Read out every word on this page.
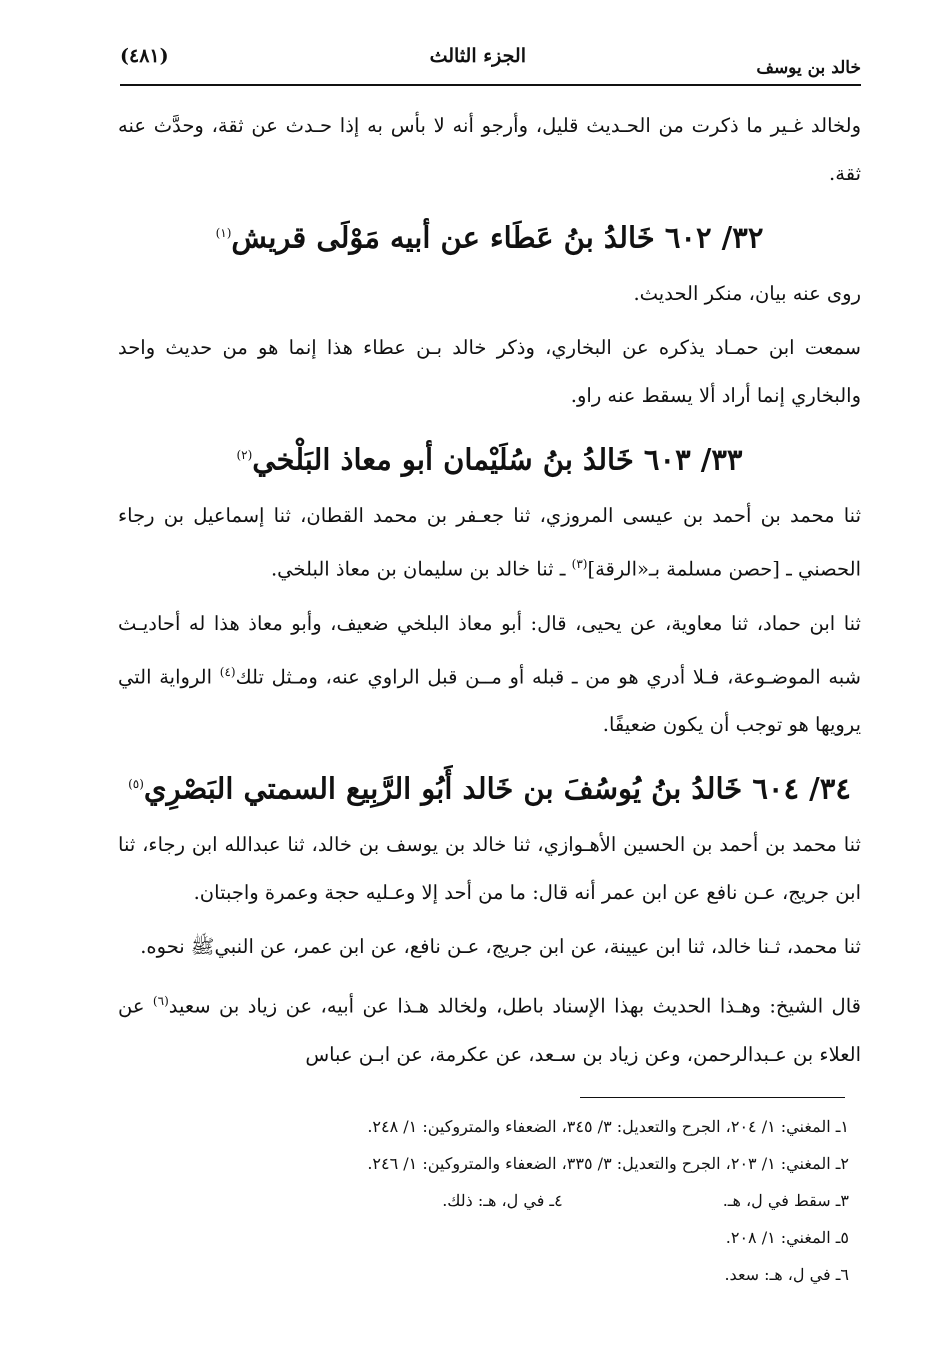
خالد بن يوسف
الجزء الثالث
(٤٨١)

ولخالد غـير ما ذكرت من الحـديث قليل، وأرجو أنه لا بأس به إذا حـدث عن ثقة، وحدَّث عنه ثقة.

٣٢/ ٦٠٢ خَالدُ بنُ عَطَاء عن أبيه مَوْلَى قريش$^{(١)}$

روى عنه بيان، منكر الحديث.

سمعت ابن حمـاد يذكره عن البخاري، وذكر خالد بـن عطاء هذا إنما هو من حديث واحد والبخاري إنما أراد ألا يسقط عنه راو.

٣٣/ ٦٠٣ خَالدُ بنُ سُلَيْمان أبو معاذ البَلْخي$^{(٢)}$

ثنا محمد بن أحمد بن عيسى المروزي، ثنا جعـفر بن محمد القطان، ثنا إسماعيل بن رجاء الحصني ـ [حصن مسلمة بـ«الرقة]$^{(٣)}$ ـ ثنا خالد بن سليمان بن معاذ البلخي.

ثنا ابن حماد، ثنا معاوية، عن يحيى، قال: أبو معاذ البلخي ضعيف، وأبو معاذ هذا له أحاديـث شبه الموضـوعة، فـلا أدري هو من ـ قبله أو مــن قبل الراوي عنه، ومـثل تلك$^{(٤)}$ الرواية التي يرويها هو توجب أن يكون ضعيفًا.

٣٤/ ٦٠٤ خَالدُ بنُ يُوسُفَ بن خَالد أَبُو الرَّبِيع السمتي البَصْرِي$^{(٥)}$

ثنا محمد بن أحمد بن الحسين الأهـوازي، ثنا خالد بن يوسف بن خالد، ثنا عبدالله ابن رجاء، ثنا ابن جريج، عـن نافع عن ابن عمر أنه قال: ما من أحد إلا وعـليه حجة وعمرة واجبتان.

ثنا محمد، ثـنا خالد، ثنا ابن عيينة، عن ابن جريج، عـن نافع، عن ابن عمر، عن النبيﷺ نحوه.

قال الشيخ: وهـذا الحديث بهذا الإسناد باطل، ولخالد هـذا عن أبيه، عن زياد بن سعيد$^{(٦)}$ عن العلاء بن عـبدالرحمن، وعن زياد بن سـعد، عن عكرمة، عن ابـن عباس

١ـ المغني: ١/ ٢٠٤، الجرح والتعديل: ٣/ ٣٤٥، الضعفاء والمتروكين: ١/ ٢٤٨.
٢ـ المغني: ١/ ٢٠٣، الجرح والتعديل: ٣/ ٣٣٥، الضعفاء والمتروكين: ١/ ٢٤٦.
٣ـ سقط في ل، هـ.
٤ـ في ل، هـ: ذلك.
٥ـ المغني: ١/ ٢٠٨.
٦ـ في ل، هـ: سعد.
